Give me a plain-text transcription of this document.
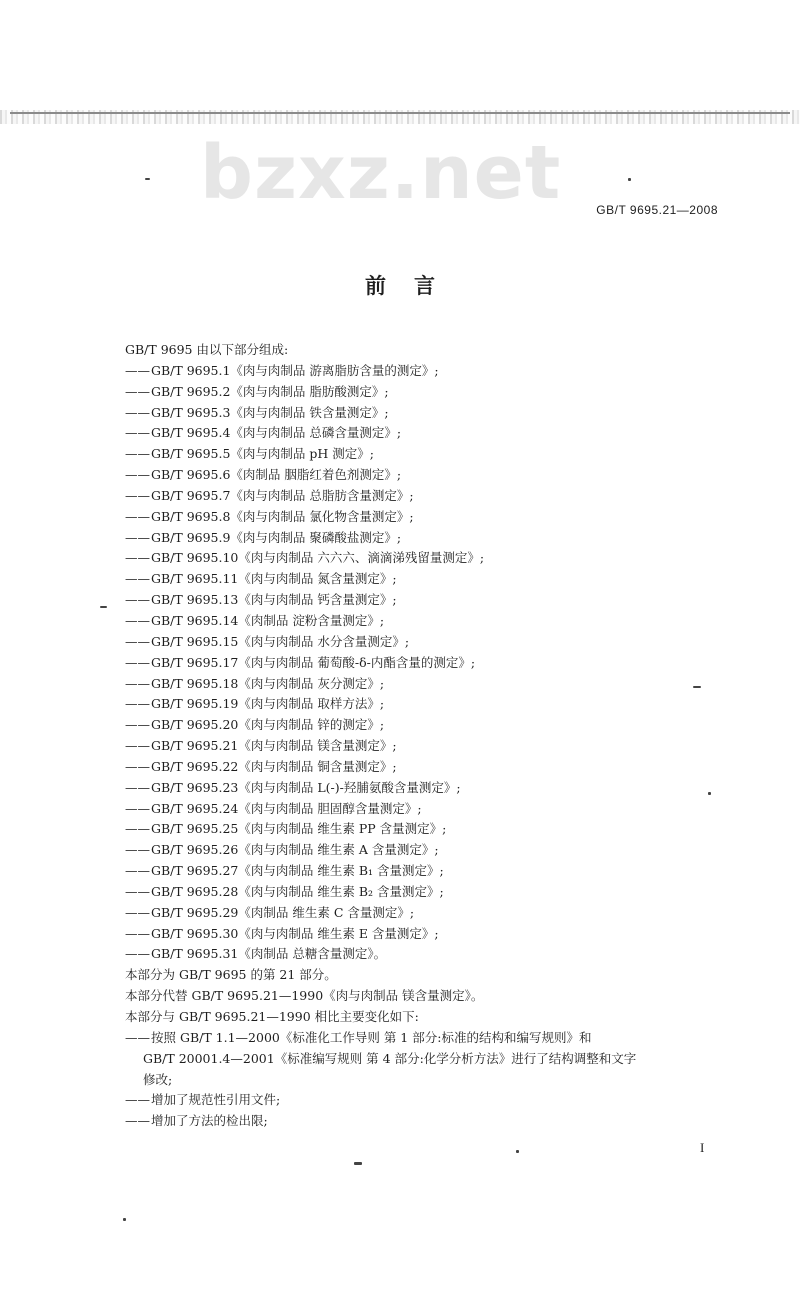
bzxz.net	GB/T 9695.21—2008
前言
GB/T 9695 由以下部分组成:
——GB/T 9695.1《肉与肉制品 游离脂肪含量的测定》;
——GB/T 9695.2《肉与肉制品 脂肪酸测定》;
——GB/T 9695.3《肉与肉制品 铁含量测定》;
——GB/T 9695.4《肉与肉制品 总磷含量测定》;
——GB/T 9695.5《肉与肉制品 pH 测定》;
——GB/T 9695.6《肉制品 胭脂红着色剂测定》;
——GB/T 9695.7《肉与肉制品 总脂肪含量测定》;
——GB/T 9695.8《肉与肉制品 氯化物含量测定》;
——GB/T 9695.9《肉与肉制品 聚磷酸盐测定》;
——GB/T 9695.10《肉与肉制品 六六六、滴滴涕残留量测定》;
——GB/T 9695.11《肉与肉制品 氮含量测定》;
——GB/T 9695.13《肉与肉制品 钙含量测定》;
——GB/T 9695.14《肉制品 淀粉含量测定》;
——GB/T 9695.15《肉与肉制品 水分含量测定》;
——GB/T 9695.17《肉与肉制品 葡萄酸-δ-内酯含量的测定》;
——GB/T 9695.18《肉与肉制品 灰分测定》;
——GB/T 9695.19《肉与肉制品 取样方法》;
——GB/T 9695.20《肉与肉制品 锌的测定》;
——GB/T 9695.21《肉与肉制品 镁含量测定》;
——GB/T 9695.22《肉与肉制品 铜含量测定》;
——GB/T 9695.23《肉与肉制品 L(-)-羟脯氨酸含量测定》;
——GB/T 9695.24《肉与肉制品 胆固醇含量测定》;
——GB/T 9695.25《肉与肉制品 维生素 PP 含量测定》;
——GB/T 9695.26《肉与肉制品 维生素 A 含量测定》;
——GB/T 9695.27《肉与肉制品 维生素 B₁ 含量测定》;
——GB/T 9695.28《肉与肉制品 维生素 B₂ 含量测定》;
——GB/T 9695.29《肉制品 维生素 C 含量测定》;
——GB/T 9695.30《肉与肉制品 维生素 E 含量测定》;
——GB/T 9695.31《肉制品 总糖含量测定》。
本部分为 GB/T 9695 的第 21 部分。
本部分代替 GB/T 9695.21—1990《肉与肉制品 镁含量测定》。
本部分与 GB/T 9695.21—1990 相比主要变化如下:
——按照 GB/T 1.1—2000《标准化工作导则 第 1 部分:标准的结构和编写规则》和
GB/T 20001.4—2001《标准编写规则 第 4 部分:化学分析方法》进行了结构调整和文字
修改;
——增加了规范性引用文件;
——增加了方法的检出限;
I
